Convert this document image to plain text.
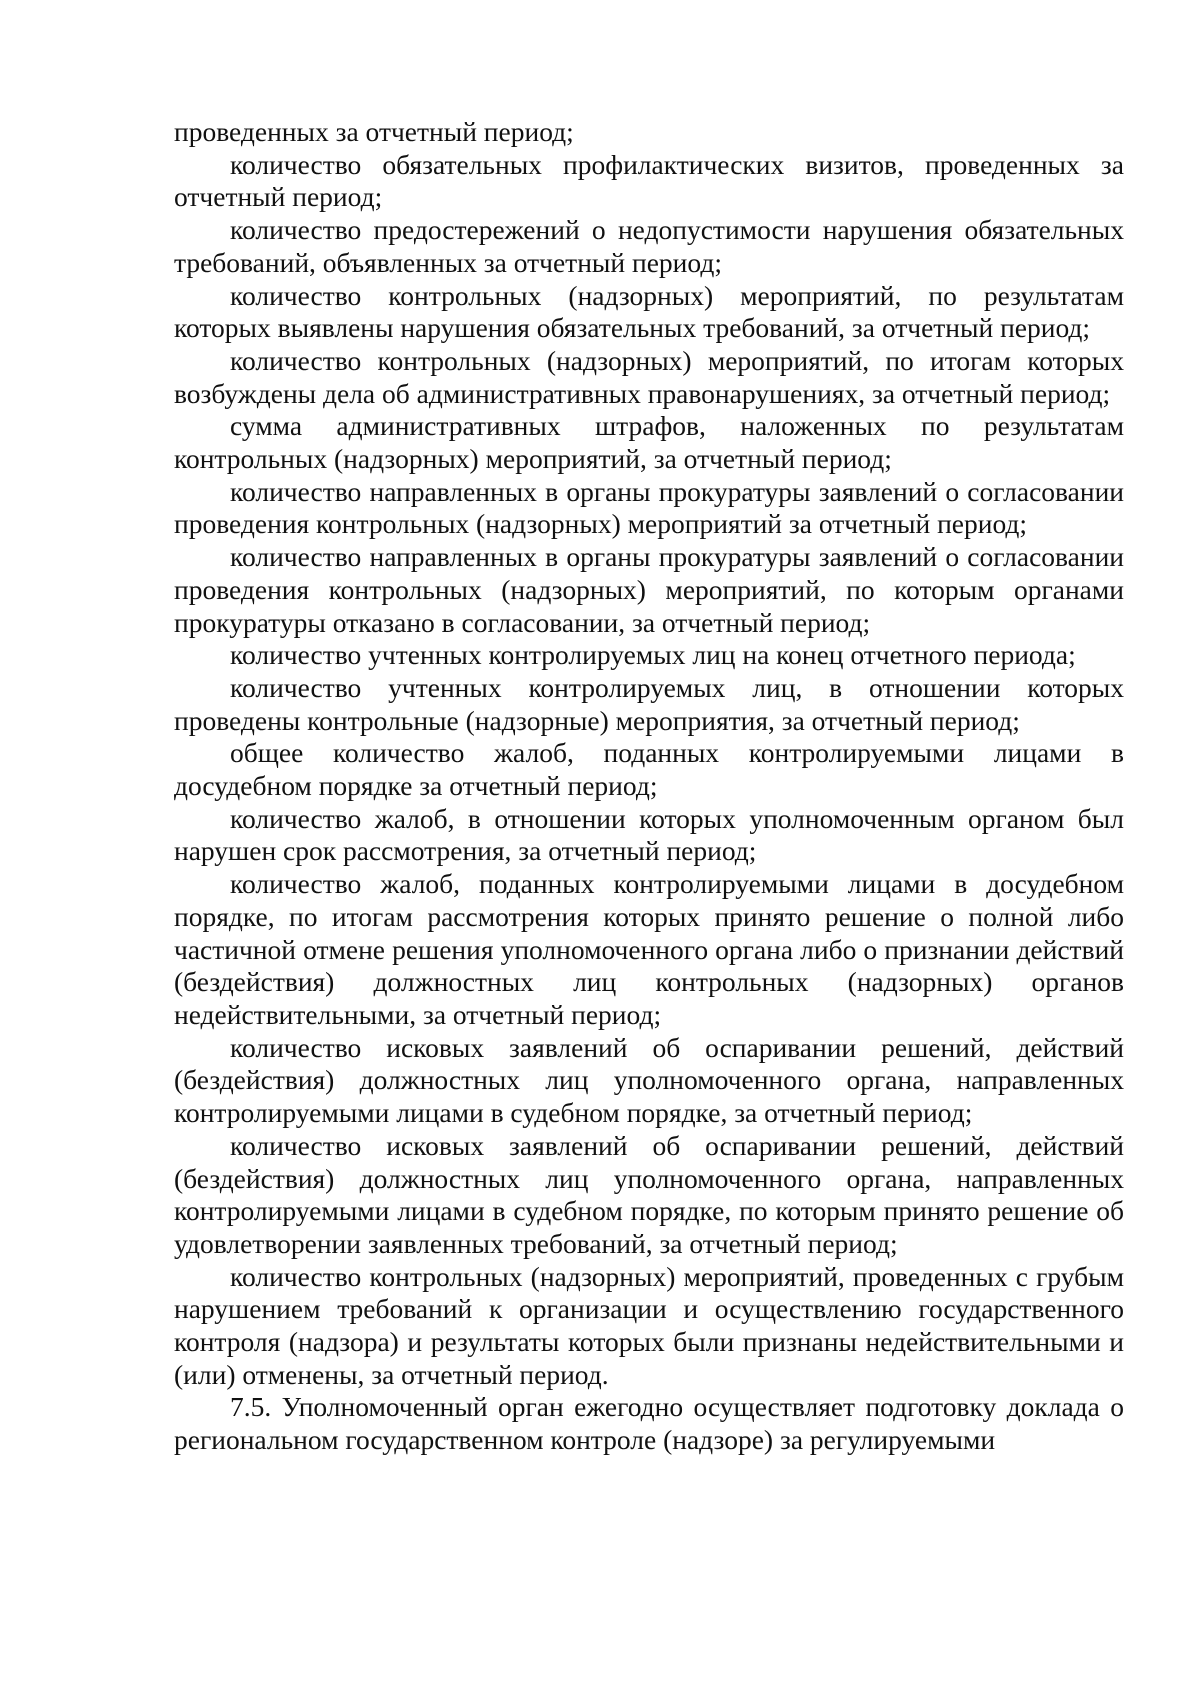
проведенных за отчетный период;

количество обязательных профилактических визитов, проведенных за отчетный период;

количество предостережений о недопустимости нарушения обязательных требований, объявленных за отчетный период;

количество контрольных (надзорных) мероприятий, по результатам которых выявлены нарушения обязательных требований, за отчетный период;

количество контрольных (надзорных) мероприятий, по итогам которых возбуждены дела об административных правонарушениях, за отчетный период;

сумма административных штрафов, наложенных по результатам контрольных (надзорных) мероприятий, за отчетный период;

количество направленных в органы прокуратуры заявлений о согласовании проведения контрольных (надзорных) мероприятий за отчетный период;

количество направленных в органы прокуратуры заявлений о согласовании проведения контрольных (надзорных) мероприятий, по которым органами прокуратуры отказано в согласовании, за отчетный период;

количество учтенных контролируемых лиц на конец отчетного периода;

количество учтенных контролируемых лиц, в отношении которых проведены контрольные (надзорные) мероприятия, за отчетный период;

общее количество жалоб, поданных контролируемыми лицами в досудебном порядке за отчетный период;

количество жалоб, в отношении которых уполномоченным органом был нарушен срок рассмотрения, за отчетный период;

количество жалоб, поданных контролируемыми лицами в досудебном порядке, по итогам рассмотрения которых принято решение о полной либо частичной отмене решения уполномоченного органа либо о признании действий (бездействия) должностных лиц контрольных (надзорных) органов недействительными, за отчетный период;

количество исковых заявлений об оспаривании решений, действий (бездействия) должностных лиц уполномоченного органа, направленных контролируемыми лицами в судебном порядке, за отчетный период;

количество исковых заявлений об оспаривании решений, действий (бездействия) должностных лиц уполномоченного органа, направленных контролируемыми лицами в судебном порядке, по которым принято решение об удовлетворении заявленных требований, за отчетный период;

количество контрольных (надзорных) мероприятий, проведенных с грубым нарушением требований к организации и осуществлению государственного контроля (надзора) и результаты которых были признаны недействительными и (или) отменены, за отчетный период.

7.5. Уполномоченный орган ежегодно осуществляет подготовку доклада о региональном государственном контроле (надзоре) за регулируемыми
